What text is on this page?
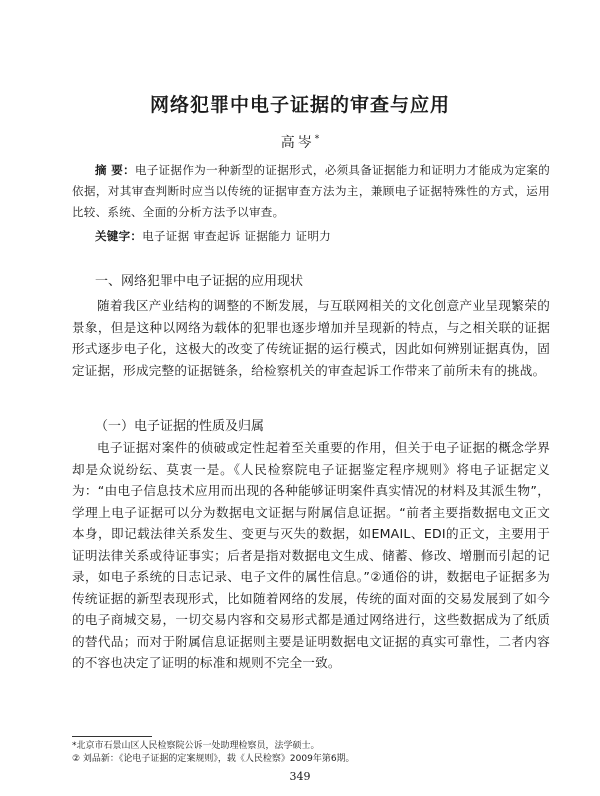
网络犯罪中电子证据的审查与应用
高岑*
摘 要：电子证据作为一种新型的证据形式，必须具备证据能力和证明力才能成为定案的依据，对其审查判断时应当以传统的证据审查方法为主，兼顾电子证据特殊性的方式，运用比较、系统、全面的分析方法予以审查。
关键字：电子证据 审查起诉 证据能力 证明力
一、网络犯罪中电子证据的应用现状

随着我区产业结构的调整的不断发展，与互联网相关的文化创意产业呈现繁荣的景象，但是这种以网络为载体的犯罪也逐步增加并呈现新的特点，与之相关联的证据形式逐步电子化，这极大的改变了传统证据的运行模式，因此如何辨别证据真伪，固定证据，形成完整的证据链条，给检察机关的审查起诉工作带来了前所未有的挑战。

（一）电子证据的性质及归属

电子证据对案件的侦破或定性起着至关重要的作用，但关于电子证据的概念学界却是众说纷纭、莫衷一是。《人民检察院电子证据鉴定程序规则》将电子证据定义为：“由电子信息技术应用而出现的各种能够证明案件真实情况的材料及其派生物”，学理上电子证据可以分为数据电文证据与附属信息证据。“前者主要指数据电文正文本身，即记载法律关系发生、变更与灭失的数据，如EMAIL、EDI的正文，主要用于证明法律关系或待证事实；后者是指对数据电文生成、储蓄、修改、增删而引起的记录，如电子系统的日志记录、电子文件的属性信息。”②通俗的讲，数据电子证据多为传统证据的新型表现形式，比如随着网络的发展，传统的面对面的交易发展到了如今的电子商城交易，一切交易内容和交易形式都是通过网络进行，这些数据成为了纸质的替代品；而对于附属信息证据则主要是证明数据电文证据的真实可靠性，二者内容的不容也决定了证明的标准和规则不完全一致。

*北京市石景山区人民检察院公诉一处助理检察员，法学硕士。
② 刘品新：《论电子证据的定案规则》，载《人民检察》2009年第6期。
349
